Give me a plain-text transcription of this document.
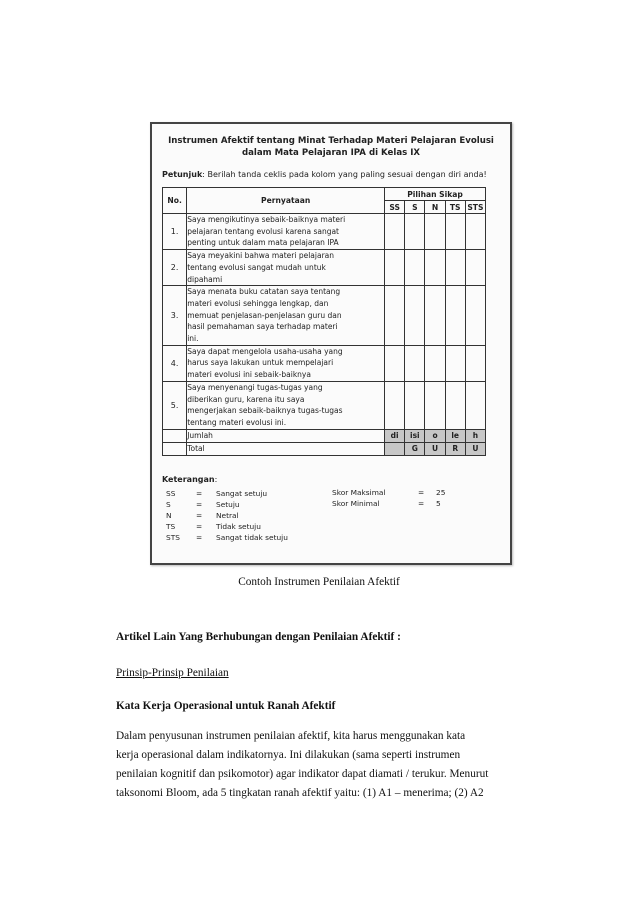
Instrumen Afektif tentang Minat Terhadap Materi Pelajaran Evolusi
dalam Mata Pelajaran IPA di Kelas IX
Petunjuk: Berilah tanda ceklis pada kolom yang paling sesuai dengan diri anda!
No.	Pernyataan	Pilihan Sikap				
		SS	S	N	TS	STS
1.	Saya mengikutinya sebaik-baiknya materi
pelajaran tentang evolusi karena sangat
penting untuk dalam mata pelajaran IPA					

2.	Saya meyakini bahwa materi pelajaran
tentang evolusi sangat mudah untuk
dipahami					

3.	Saya menata buku catatan saya tentang
materi evolusi sehingga lengkap, dan
memuat penjelasan-penjelasan guru dan
hasil pemahaman saya terhadap materi
ini.					

4.	Saya dapat mengelola usaha-usaha yang
harus saya lakukan untuk mempelajari
materi evolusi ini sebaik-baiknya					

5.	Saya menyenangi tugas-tugas yang
diberikan guru, karena itu saya
mengerjakan sebaik-baiknya tugas-tugas
tentang materi evolusi ini.					

	Jumlah	di	isi	o	le	h
	Total		G	U	R	U
Keterangan:
SS	= Sangat setuju
S	= Setuju
N	= Netral
TS	= Tidak setuju
STS = Sangat tidak setuju
Skor Maksimal	= 25
Skor Minimal	= 5
Contoh Instrumen Penilaian Afektif
Artikel Lain Yang Berhubungan dengan Penilaian Afektif :
Prinsip-Prinsip Penilaian
Kata Kerja Operasional untuk Ranah Afektif
Dalam penyusunan instrumen penilaian afektif, kita harus menggunakan kata
kerja operasional dalam indikatornya. Ini dilakukan (sama seperti instrumen
penilaian kognitif dan psikomotor) agar indikator dapat diamati / terukur. Menurut
taksonomi Bloom, ada 5 tingkatan ranah afektif yaitu: (1) A1 – menerima; (2) A2
